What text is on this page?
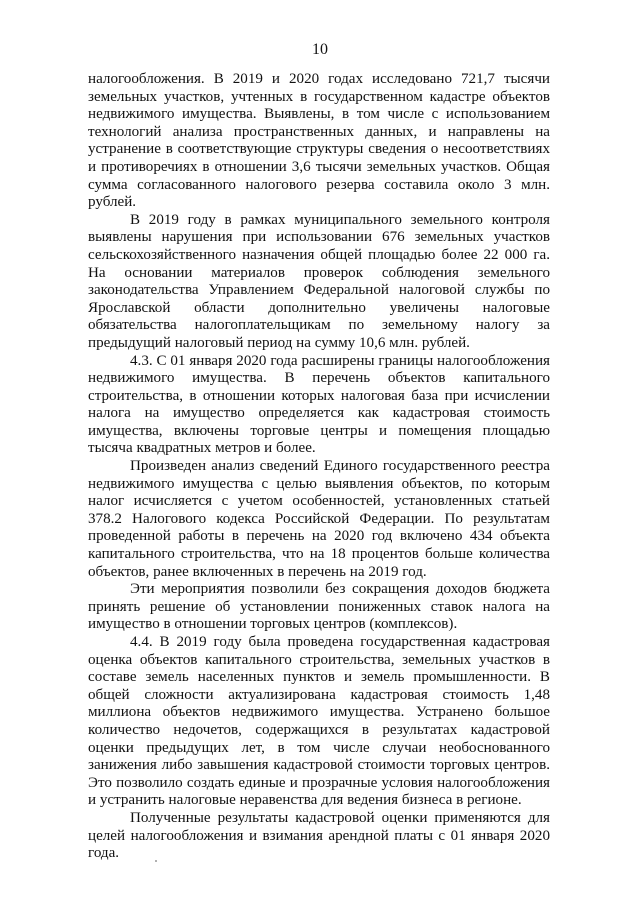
10

налогообложения. В 2019 и 2020 годах исследовано 721,7 тысячи земельных участков, учтенных в государственном кадастре объектов недвижимого имущества. Выявлены, в том числе с использованием технологий анализа пространственных данных, и направлены на устранение в соответствующие структуры сведения о несоответствиях и противоречиях в отношении 3,6 тысячи земельных участков. Общая сумма согласованного налогового резерва составила около 3 млн. рублей.

В 2019 году в рамках муниципального земельного контроля выявлены нарушения при использовании 676 земельных участков сельскохозяйственного назначения общей площадью более 22 000 га. На основании материалов проверок соблюдения земельного законодательства Управлением Федеральной налоговой службы по Ярославской области дополнительно увеличены налоговые обязательства налогоплательщикам по земельному налогу за предыдущий налоговый период на сумму 10,6 млн. рублей.

4.3. С 01 января 2020 года расширены границы налогообложения недвижимого имущества. В перечень объектов капитального строительства, в отношении которых налоговая база при исчислении налога на имущество определяется как кадастровая стоимость имущества, включены торговые центры и помещения площадью тысяча квадратных метров и более.

Произведен анализ сведений Единого государственного реестра недвижимого имущества с целью выявления объектов, по которым налог исчисляется с учетом особенностей, установленных статьей 378.2 Налогового кодекса Российской Федерации. По результатам проведенной работы в перечень на 2020 год включено 434 объекта капитального строительства, что на 18 процентов больше количества объектов, ранее включенных в перечень на 2019 год.

Эти мероприятия позволили без сокращения доходов бюджета принять решение об установлении пониженных ставок налога на имущество в отношении торговых центров (комплексов).

4.4. В 2019 году была проведена государственная кадастровая оценка объектов капитального строительства, земельных участков в составе земель населенных пунктов и земель промышленности. В общей сложности актуализирована кадастровая стоимость 1,48 миллиона объектов недвижимого имущества. Устранено большое количество недочетов, содержащихся в результатах кадастровой оценки предыдущих лет, в том числе случаи необоснованного занижения либо завышения кадастровой стоимости торговых центров. Это позволило создать единые и прозрачные условия налогообложения и устранить налоговые неравенства для ведения бизнеса в регионе.

Полученные результаты кадастровой оценки применяются для целей налогообложения и взимания арендной платы с 01 января 2020 года.
